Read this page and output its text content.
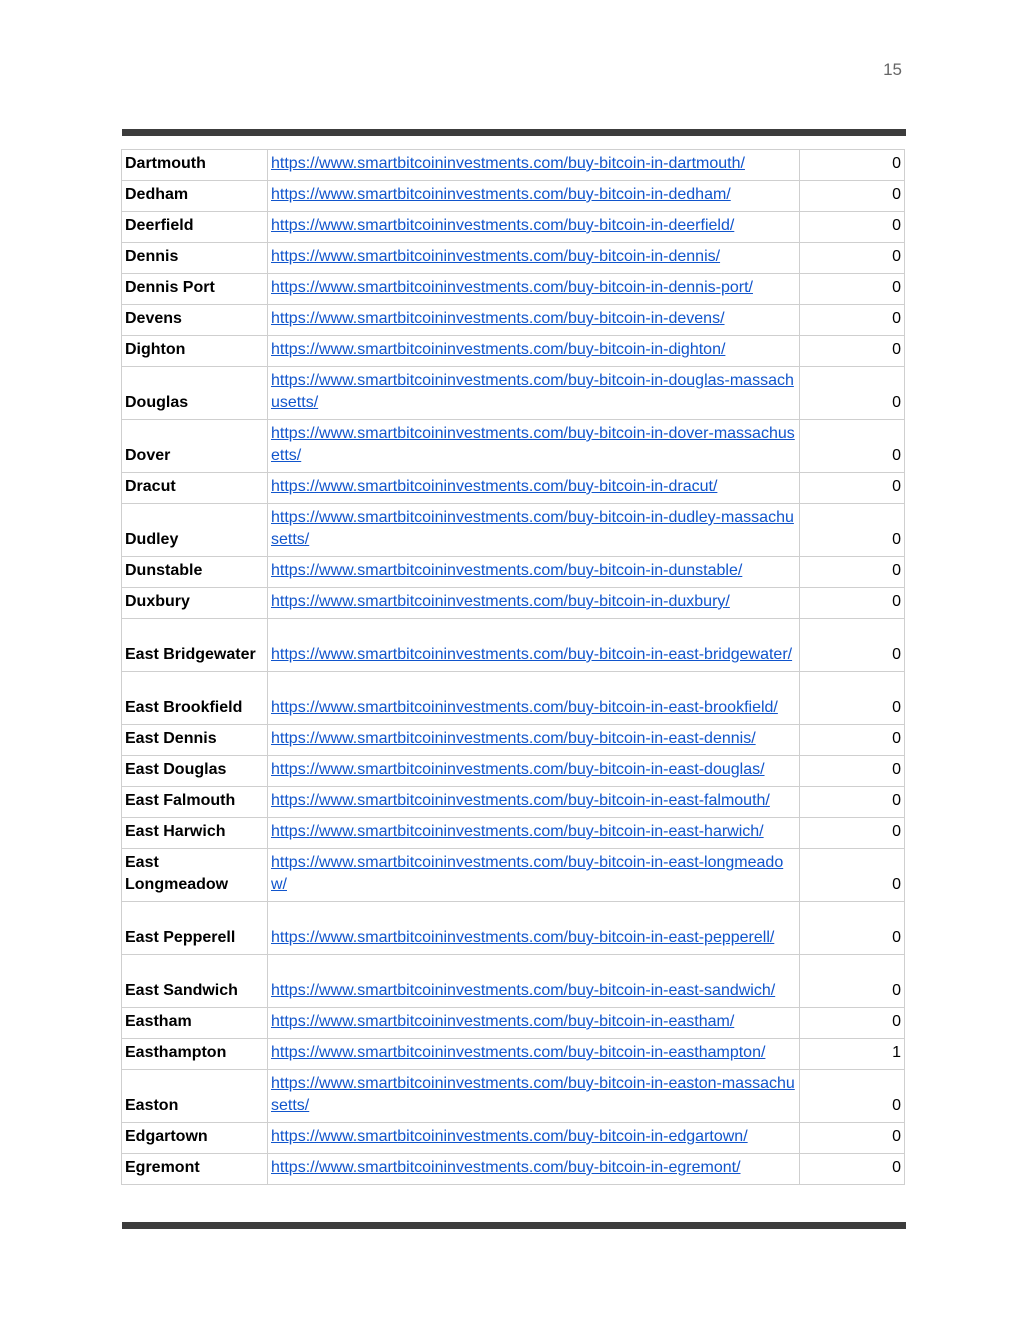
15
Dartmouth	https://www.smartbitcoininvestments.com/buy-bitcoin-in-dartmouth/	0
Dedham	https://www.smartbitcoininvestments.com/buy-bitcoin-in-dedham/	0
Deerfield	https://www.smartbitcoininvestments.com/buy-bitcoin-in-deerfield/	0
Dennis	https://www.smartbitcoininvestments.com/buy-bitcoin-in-dennis/	0
Dennis Port	https://www.smartbitcoininvestments.com/buy-bitcoin-in-dennis-port/	0
Devens	https://www.smartbitcoininvestments.com/buy-bitcoin-in-devens/	0
Dighton	https://www.smartbitcoininvestments.com/buy-bitcoin-in-dighton/	0
Douglas	https://www.smartbitcoininvestments.com/buy-bitcoin-in-douglas-massachusetts/	0
Dover	https://www.smartbitcoininvestments.com/buy-bitcoin-in-dover-massachusetts/	0
Dracut	https://www.smartbitcoininvestments.com/buy-bitcoin-in-dracut/	0
Dudley	https://www.smartbitcoininvestments.com/buy-bitcoin-in-dudley-massachusetts/	0
Dunstable	https://www.smartbitcoininvestments.com/buy-bitcoin-in-dunstable/	0
Duxbury	https://www.smartbitcoininvestments.com/buy-bitcoin-in-duxbury/	0
East Bridgewater	https://www.smartbitcoininvestments.com/buy-bitcoin-in-east-bridgewater/	0
East Brookfield	https://www.smartbitcoininvestments.com/buy-bitcoin-in-east-brookfield/	0
East Dennis	https://www.smartbitcoininvestments.com/buy-bitcoin-in-east-dennis/	0
East Douglas	https://www.smartbitcoininvestments.com/buy-bitcoin-in-east-douglas/	0
East Falmouth	https://www.smartbitcoininvestments.com/buy-bitcoin-in-east-falmouth/	0
East Harwich	https://www.smartbitcoininvestments.com/buy-bitcoin-in-east-harwich/	0
East Longmeadow	https://www.smartbitcoininvestments.com/buy-bitcoin-in-east-longmeadow/	0
East Pepperell	https://www.smartbitcoininvestments.com/buy-bitcoin-in-east-pepperell/	0
East Sandwich	https://www.smartbitcoininvestments.com/buy-bitcoin-in-east-sandwich/	0
Eastham	https://www.smartbitcoininvestments.com/buy-bitcoin-in-eastham/	0
Easthampton	https://www.smartbitcoininvestments.com/buy-bitcoin-in-easthampton/	1
Easton	https://www.smartbitcoininvestments.com/buy-bitcoin-in-easton-massachusetts/	0
Edgartown	https://www.smartbitcoininvestments.com/buy-bitcoin-in-edgartown/	0
Egremont	https://www.smartbitcoininvestments.com/buy-bitcoin-in-egremont/	0
